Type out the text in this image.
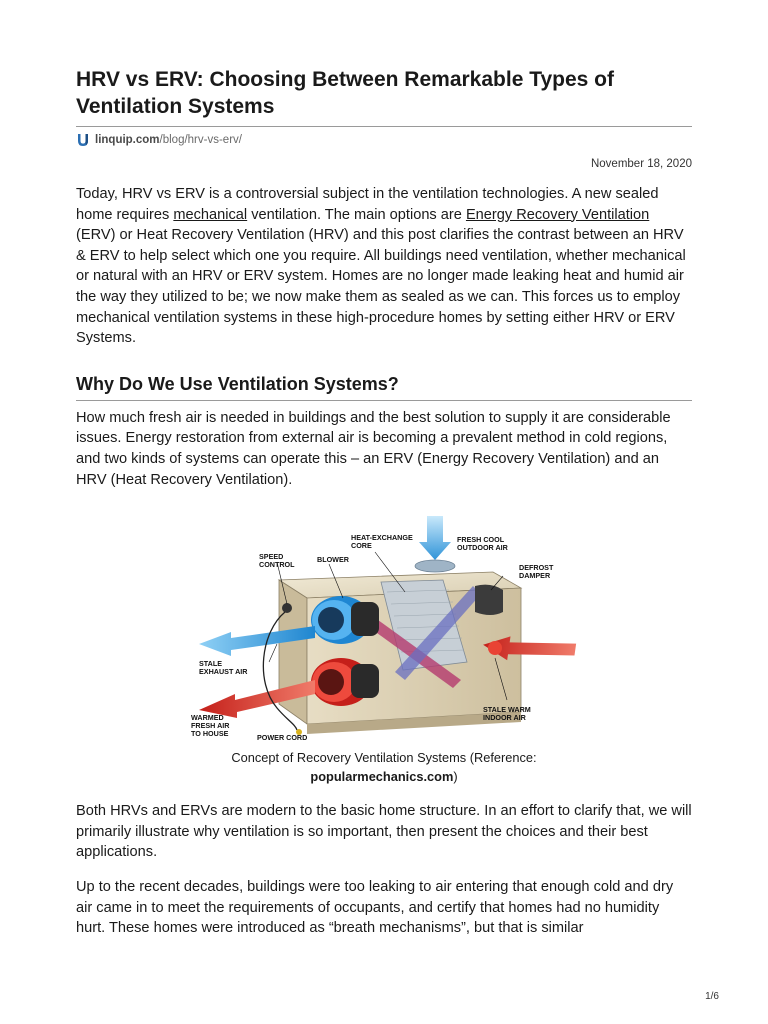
HRV vs ERV: Choosing Between Remarkable Types of Ventilation Systems
linquip.com /blog/hrv-vs-erv/
November 18, 2020

Today, HRV vs ERV is a controversial subject in the ventilation technologies. A new sealed home requires mechanical ventilation. The main options are Energy Recovery Ventilation (ERV) or Heat Recovery Ventilation (HRV) and this post clarifies the contrast between an HRV & ERV to help select which one you require. All buildings need ventilation, whether mechanical or natural with an HRV or ERV system. Homes are no longer made leaking heat and humid air the way they utilized to be; we now make them as sealed as we can. This forces us to employ mechanical ventilation systems in these high-procedure homes by setting either HRV or ERV Systems.

Why Do We Use Ventilation Systems?

How much fresh air is needed in buildings and the best solution to supply it are considerable issues. Energy restoration from external air is becoming a prevalent method in cold regions, and two kinds of systems can operate this – an ERV (Energy Recovery Ventilation) and an HRV (Heat Recovery Ventilation).

SPEED
CONTROL
BLOWER
HEAT-EXCHANGE
CORE
FRESH COOL
OUTDOOR AIR
DEFROST
DAMPER
STALE
EXHAUST AIR
WARMED
FRESH AIR
TO HOUSE	POWER CORD
STALE WARM
INDOOR AIR
Concept of Recovery Ventilation Systems (Reference:
popularmechanics.com)

Both HRVs and ERVs are modern to the basic home structure. In an effort to clarify that, we will primarily illustrate why ventilation is so important, then present the choices and their best applications.

Up to the recent decades, buildings were too leaking to air entering that enough cold and dry air came in to meet the requirements of occupants, and certify that homes had no humidity hurt. These homes were introduced as “breath mechanisms”, but that is similar

1/6
